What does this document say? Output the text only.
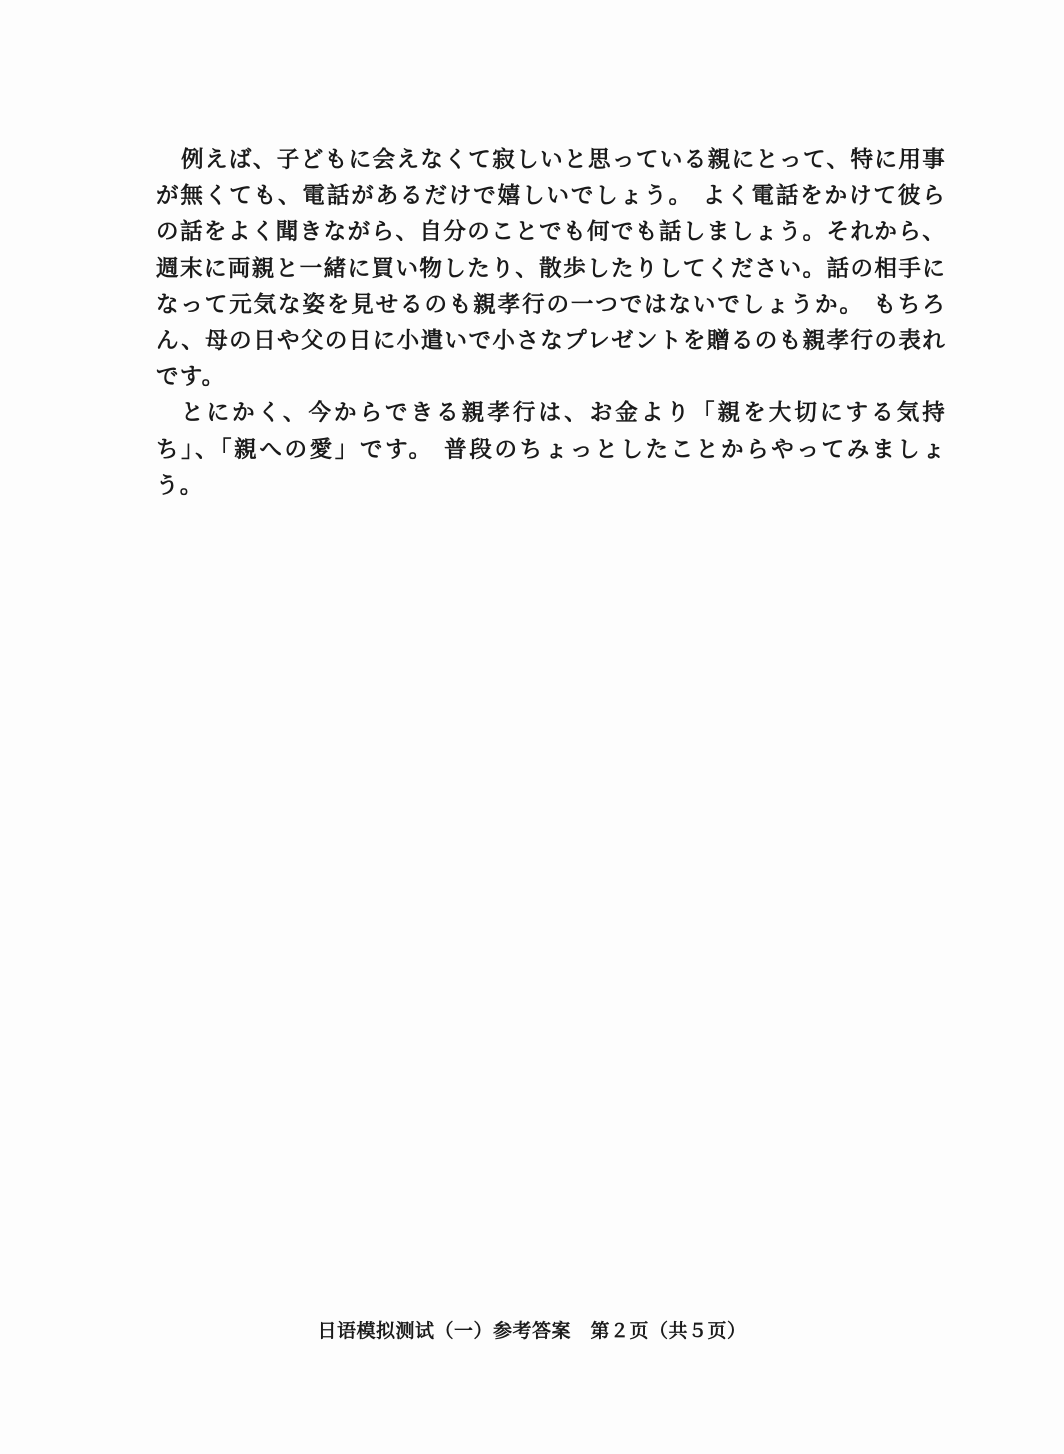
例えば、子どもに会えなくて寂しいと思っている親にとって、特に用事が無くても、電話があるだけで嬉しいでしょう。 よく電話をかけて彼らの話をよく聞きながら、自分のことでも何でも話しましょう。それから、週末に両親と一緒に買い物したり、散歩したりしてください。話の相手になって元気な姿を見せるのも親孝行の一つではないでしょうか。 もちろん、母の日や父の日に小遣いで小さなプレゼントを贈るのも親孝行の表れです。

とにかく、今からできる親孝行は、お金より「親を大切にする気持ち」、「親への愛」です。 普段のちょっとしたことからやってみましょう。

日语模拟测试（一）参考答案　第２页（共５页）
